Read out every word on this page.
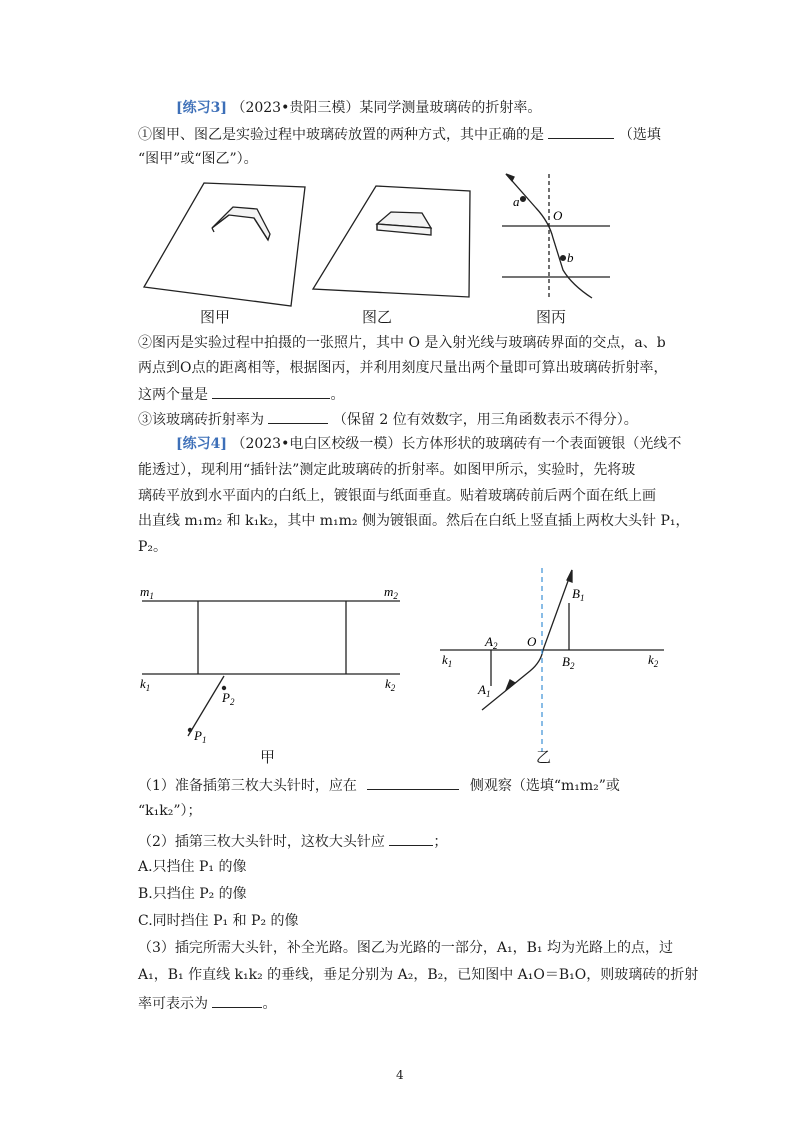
[练习3] （2023•贵阳三模）某同学测量玻璃砖的折射率。
①图甲、图乙是实验过程中玻璃砖放置的两种方式，其中正确的是	（选填
“图甲”或“图乙”）。
a
O
b
图甲	图乙	图丙
②图丙是实验过程中拍摄的一张照片，其中 O 是入射光线与玻璃砖界面的交点，a、b
两点到O点的距离相等，根据图丙，并利用刻度尺量出两个量即可算出玻璃砖折射率，
这两个量是	。
③该玻璃砖折射率为	（保留 2 位有效数字，用三角函数表示不得分）。
[练习4] （2023•电白区校级一模）长方体形状的玻璃砖有一个表面镀银（光线不
能透过），现利用“插针法”测定此玻璃砖的折射率。如图甲所示，实验时，先将玻
璃砖平放到水平面内的白纸上，镀银面与纸面垂直。贴着玻璃砖前后两个面在纸上画
出直线 m₁m₂ 和 k₁k₂，其中 m₁m₂ 侧为镀银面。然后在白纸上竖直插上两枚大头针 P₁，
P₂。
$m_1$	$m_2$
$k_1$	$k_2$
$P_2$
$P_1$
$A_2$ O
$B_1$
$k_1$	$B_2$	$k_2$
$A_1$
甲	乙
（1）准备插第三枚大头针时，应在	侧观察（选填“m₁m₂”或
“k₁k₂”）；
（2）插第三枚大头针时，这枚大头针应	；
A.只挡住 P₁ 的像
B.只挡住 P₂ 的像
C.同时挡住 P₁ 和 P₂ 的像
（3）插完所需大头针，补全光路。图乙为光路的一部分，A₁，B₁ 均为光路上的点，过
A₁，B₁ 作直线 k₁k₂ 的垂线，垂足分别为 A₂，B₂，已知图中 A₁O＝B₁O，则玻璃砖的折射
率可表示为	。
4
